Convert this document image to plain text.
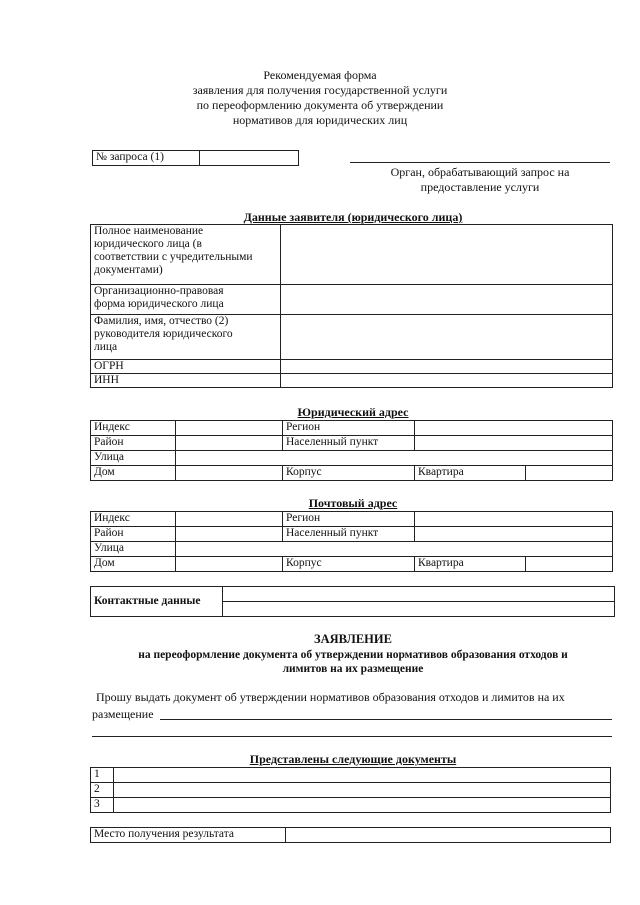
Рекомендуемая форма
заявления для получения государственной услуги
по переоформлению документа об утверждении
нормативов для юридических лиц
№ запроса (1)	
Орган, обрабатывающий запрос на
предоставление услуги
Данные заявителя (юридического лица)
Полное наименование
юридического лица (в
соответствии с учредительными
документами)	

Организационно-правовая
форма юридического лица	

Фамилия, имя, отчество (2)
руководителя юридического
лица	

ОГРН	
ИНН	
Юридический адрес
Индекс		Регион		
Район		Населенный пункт		
Улица				
Дом		Корпус	Квартира	
Почтовый адрес
Индекс		Регион		
Район		Населенный пункт		
Улица				
Дом		Корпус	Квартира	
Контактные данные	

ЗАЯВЛЕНИЕ
на переоформление документа об утверждении нормативов образования отходов и
лимитов на их размещение
Прошу выдать документ об утверждении нормативов образования отходов и лимитов на их
размещение
Представлены следующие документы
1	
2	
3	
Место получения результата	
